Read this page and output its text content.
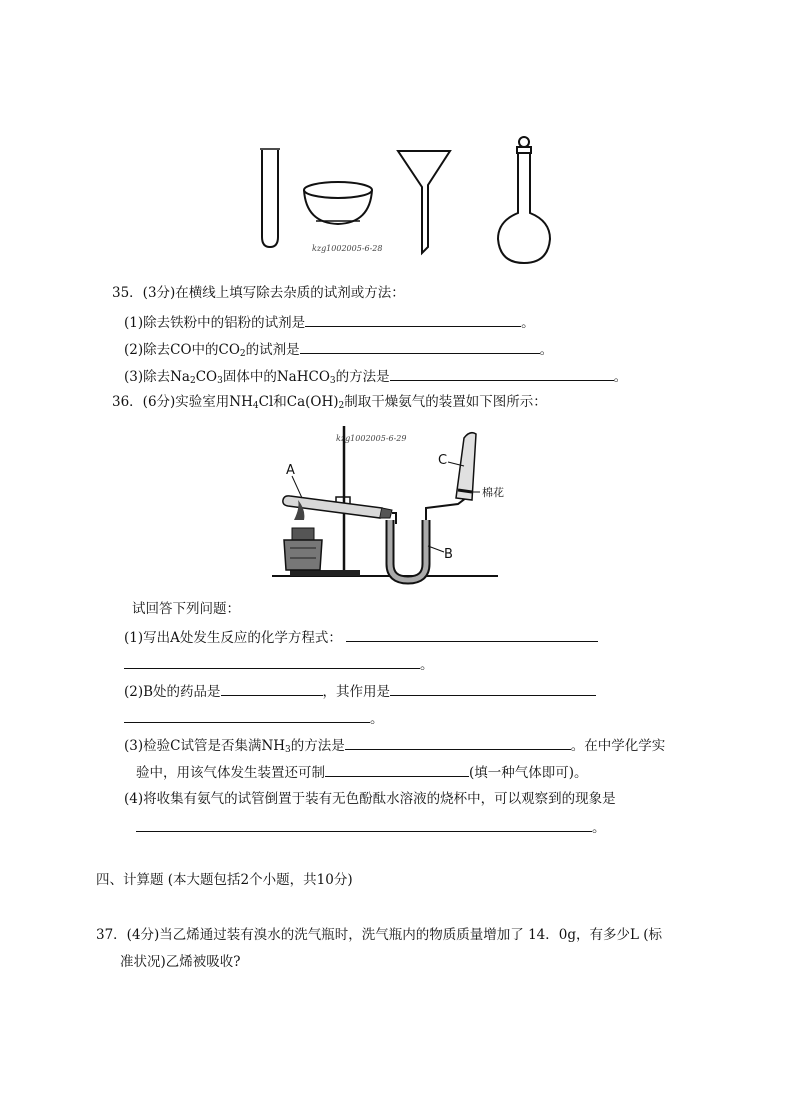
kzg1002005-6-28
35．(3分)在横线上填写除去杂质的试剂或方法：
(1)除去铁粉中的铝粉的试剂是	。
(2)除去CO中的$CO_2$的试剂是	。
(3)除去$Na_2CO_3$固体中的NaHCO$_3$的方法是	。
36．(6分)实验室用$NH_4Cl$和$Ca(OH)_2$制取干燥氨气的装置如下图所示：
kzg1002005-6-29
A
B
C
棉花
试回答下列问题：
(1)写出A处发生反应的化学方程式：
。
(2)B处的药品是	，其作用是
。
(3)检验C试管是否集满$NH_3$的方法是	。在中学化学实
验中，用该气体发生装置还可制	(填一种气体即可)。
(4)将收集有氨气的试管倒置于装有无色酚酞水溶液的烧杯中，可以观察到的现象是
。
四、计算题 (本大题包括2个小题，共10分)
37．(4分)当乙烯通过装有溴水的洗气瓶时，洗气瓶内的物质质量增加了 14．0g，有多少L (标
准状况)乙烯被吸收?
